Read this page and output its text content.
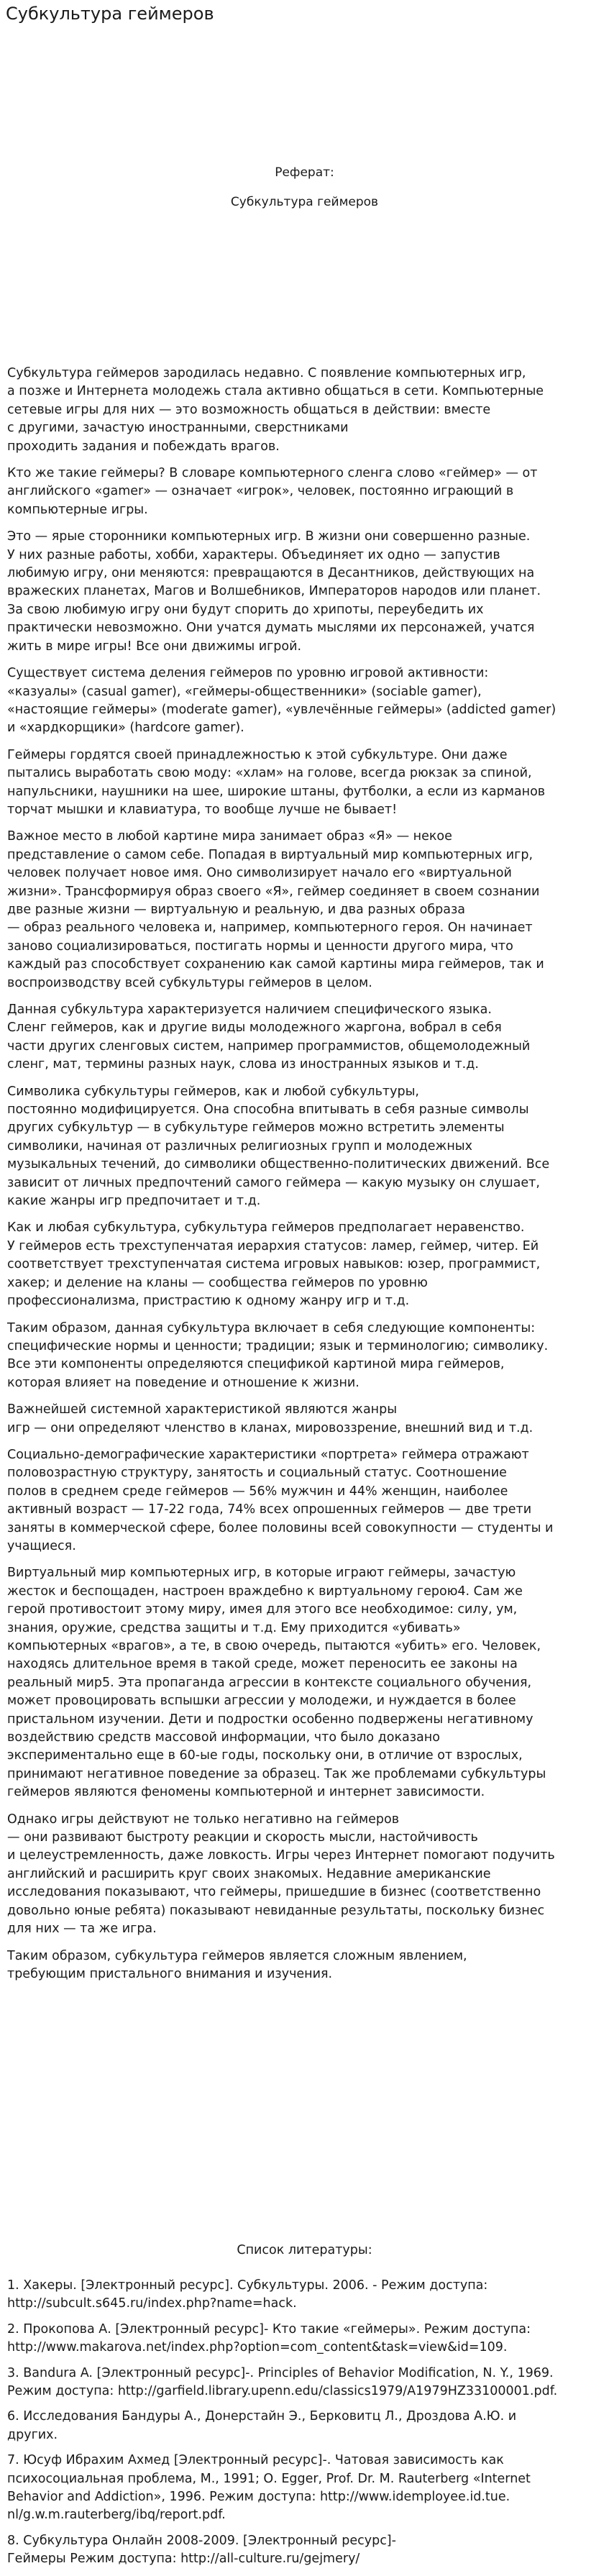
Субкультура геймеров

Реферат:

Субкультура геймеров

Субкультура геймеров зародилась недавно. С появление компьютерных игр,
а позже и Интернета молодежь стала активно общаться в сети. Компьютерные
сетевые игры для них — это возможность общаться в действии: вместе
с другими, зачастую иностранными, сверстниками
проходить задания и побеждать врагов.

Кто же такие геймеры? В словаре компьютерного сленга слово «геймер» — от
английского «gamer» — означает «игрок», человек, постоянно играющий в
компьютерные игры.

Это — ярые сторонники компьютерных игр. В жизни они совершенно разные.
У них разные работы, хобби, характеры. Объединяет их одно — запустив
любимую игру, они меняются: превращаются в Десантников, действующих на
вражеских планетах, Магов и Волшебников, Императоров народов или планет.
За свою любимую игру они будут спорить до хрипоты, переубедить их
практически невозможно. Они учатся думать мыслями их персонажей, учатся
жить в мире игры! Все они движимы игрой.

Существует система деления геймеров по уровню игровой активности:
«казуалы» (casual gamer), «геймеры-общественники» (sociable gamer),
«настоящие геймеры» (moderate gamer), «увлечённые геймеры» (addicted gamer)
и «хардкорщики» (hardcore gamer).

Геймеры гордятся своей принадлежностью к этой субкультуре. Они даже
пытались выработать свою моду: «хлам» на голове, всегда рюкзак за спиной,
напульсники, наушники на шее, широкие штаны, футболки, а если из карманов
торчат мышки и клавиатура, то вообще лучше не бывает!

Важное место в любой картине мира занимает образ «Я» — некое
представление о самом себе. Попадая в виртуальный мир компьютерных игр,
человек получает новое имя. Оно символизирует начало его «виртуальной
жизни». Трансформируя образ своего «Я», геймер соединяет в своем сознании
две разные жизни — виртуальную и реальную, и два разных образа
— образ реального человека и, например, компьютерного героя. Он начинает
заново социализироваться, постигать нормы и ценности другого мира, что
каждый раз способствует сохранению как самой картины мира геймеров, так и
воспроизводству всей субкультуры геймеров в целом.

Данная субкультура характеризуется наличием специфического языка.
Сленг геймеров, как и другие виды молодежного жаргона, вобрал в себя
части других сленговых систем, например программистов, общемолодежный
сленг, мат, термины разных наук, слова из иностранных языков и т.д.

Символика субкультуры геймеров, как и любой субкультуры,
постоянно модифицируется. Она способна впитывать в себя разные символы
других субкультур — в субкультуре геймеров можно встретить элементы
символики, начиная от различных религиозных групп и молодежных
музыкальных течений, до символики общественно-политических движений. Все
зависит от личных предпочтений самого геймера — какую музыку он слушает,
какие жанры игр предпочитает и т.д.

Как и любая субкультура, субкультура геймеров предполагает неравенство.
У геймеров есть трехступенчатая иерархия статусов: ламер, геймер, читер. Ей
соответствует трехступенчатая система игровых навыков: юзер, программист,
хакер; и деление на кланы — сообщества геймеров по уровню
профессионализма, пристрастию к одному жанру игр и т.д.

Таким образом, данная субкультура включает в себя следующие компоненты:
специфические нормы и ценности; традиции; язык и терминологию; символику.
Все эти компоненты определяются спецификой картиной мира геймеров,
которая влияет на поведение и отношение к жизни.

Важнейшей системной характеристикой являются жанры
игр — они определяют членство в кланах, мировоззрение, внешний вид и т.д.

Социально-демографические характеристики «портрета» геймера отражают
половозрастную структуру, занятость и социальный статус. Соотношение
полов в среднем среде геймеров — 56% мужчин и 44% женщин, наиболее
активный возраст — 17-22 года, 74% всех опрошенных геймеров — две трети
заняты в коммерческой сфере, более половины всей совокупности — студенты и
учащиеся.

Виртуальный мир компьютерных игр, в которые играют геймеры, зачастую
жесток и беспощаден, настроен враждебно к виртуальному герою4. Сам же
герой противостоит этому миру, имея для этого все необходимое: силу, ум,
знания, оружие, средства защиты и т.д. Ему приходится «убивать»
компьютерных «врагов», а те, в свою очередь, пытаются «убить» его. Человек,
находясь длительное время в такой среде, может переносить ее законы на
реальный мир5. Эта пропаганда агрессии в контексте социального обучения,
может провоцировать вспышки агрессии у молодежи, и нуждается в более
пристальном изучении. Дети и подростки особенно подвержены негативному
воздействию средств массовой информации, что было доказано
экспериментально еще в 60-ые годы, поскольку они, в отличие от взрослых,
принимают негативное поведение за образец. Так же проблемами субкультуры
геймеров являются феномены компьютерной и интернет зависимости.

Однако игры действуют не только негативно на геймеров
— они развивают быстроту реакции и скорость мысли, настойчивость
и целеустремленность, даже ловкость. Игры через Интернет помогают подучить
английский и расширить круг своих знакомых. Недавние американские
исследования показывают, что геймеры, пришедшие в бизнес (соответственно
довольно юные ребята) показывают невиданные результаты, поскольку бизнес
для них — та же игра.

Таким образом, субкультура геймеров является сложным явлением,
требующим пристального внимания и изучения.

Список литературы:

1. Хакеры. [Электронный ресурс]. Субкультуры. 2006. - Режим доступа:
http://subcult.s645.ru/index.php?name=hack.

2. Прокопова А. [Электронный ресурс]- Кто такие «геймеры». Режим доступа:
http://www.makarova.net/index.php?option=com_content&task=view&id=109.

3. Bandura A. [Электронный ресурс]-. Principles of Behavior Modification, N. Y., 1969.
Режим доступа: http://garfield.library.upenn.edu/classics1979/A1979HZ33100001.pdf.

6. Исследования Бандуры А., Донерстайн Э., Берковитц Л., Дроздова А.Ю. и
других.

7. Юсуф Ибрахим Ахмед [Электронный ресурс]-. Чатовая зависимость как
психосоциальная проблема, М., 1991; О. Egger, Prof. Dr. M. Rauterberg «Internet
Behavior and Addiction», 1996. Режим доступа: http://www.idemployee.id.tue.
nl/g.w.m.rauterberg/ibq/report.pdf.

8. Субкультура Онлайн 2008-2009. [Электронный ресурс]-
Геймеры Режим доступа: http://all-culture.ru/gejmery/
